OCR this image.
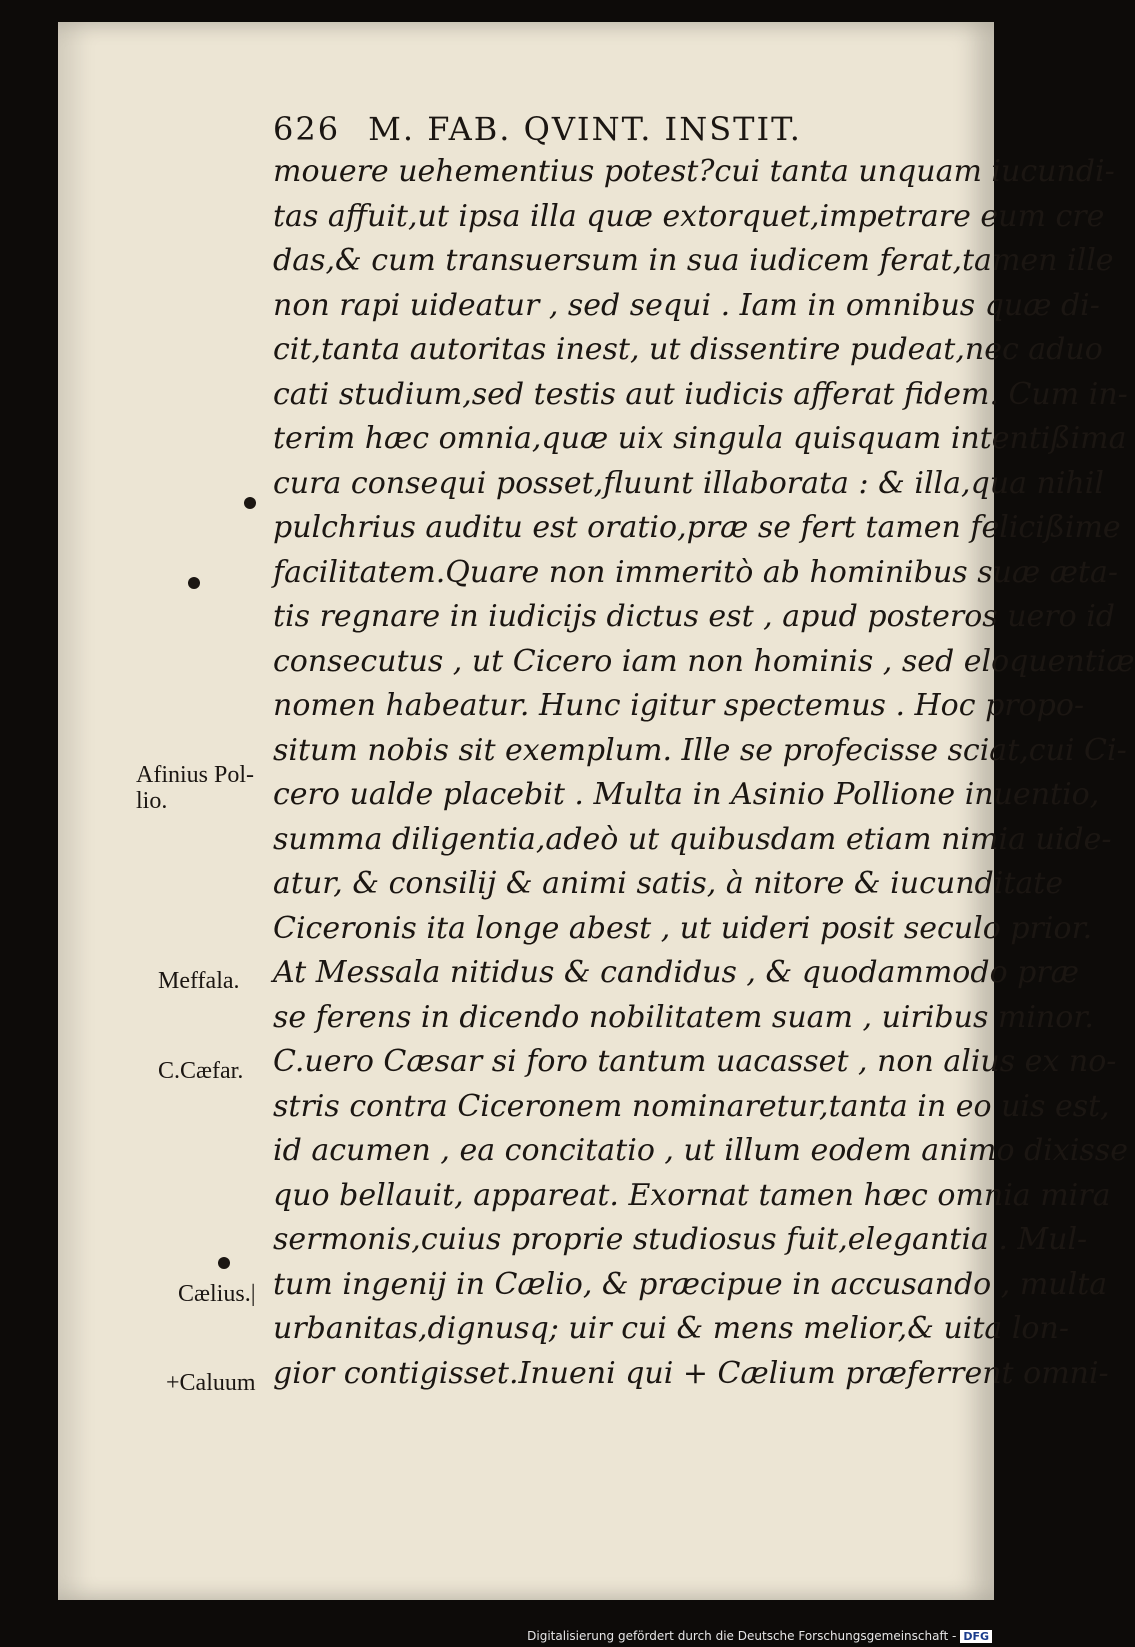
626 M. FAB. QVINT. INSTIT.
mouere uehementius potest?cui tanta unquam iucundi-
tas affuit,ut ipsa illa quæ extorquet,impetrare eum cre
das,& cum transuersum in sua iudicem ferat,tamen ille
non rapi uideatur , sed sequi . Iam in omnibus quæ di-
cit,tanta autoritas inest, ut dissentire pudeat,nec aduo
cati studium,sed testis aut iudicis afferat fidem. Cum in-
terim hæc omnia,quæ uix singula quisquam intentißima
cura consequi posset,fluunt illaborata : & illa,qua nihil
pulchrius auditu est oratio,præ se fert tamen felicißime
facilitatem.Quare non immeritò ab hominibus suæ æta-
tis regnare in iudicijs dictus est , apud posteros uero id
consecutus , ut Cicero iam non hominis , sed eloquentiæ
nomen habeatur. Hunc igitur spectemus . Hoc propo-
situm nobis sit exemplum. Ille se profecisse sciat,cui Ci-
cero ualde placebit . Multa in Asinio Pollione inuentio,
summa diligentia,adeò ut quibusdam etiam nimia uide-
atur, & consilij & animi satis, à nitore & iucunditate
Ciceronis ita longe abest , ut uideri posit seculo prior.
At Messala nitidus & candidus , & quodammodo præ
se ferens in dicendo nobilitatem suam , uiribus minor.
C.uero Cæsar si foro tantum uacasset , non alius ex no-
stris contra Ciceronem nominaretur,tanta in eo uis est,
id acumen , ea concitatio , ut illum eodem animo dixisse
quo bellauit, appareat. Exornat tamen hæc omnia mira
sermonis,cuius proprie studiosus fuit,elegantia . Mul-
tum ingenij in Cælio, & præcipue in accusando , multa
urbanitas,dignusq; uir cui & mens melior,& uita lon-
gior contigisset.Inueni qui + Cælium præferrent omni-
Afinius Pol-
lio.
Meffala.
C.Cæfar.
Cælius.|
+Caluum
Digitalisierung gefördert durch die Deutsche Forschungsgemeinschaft - DFG
